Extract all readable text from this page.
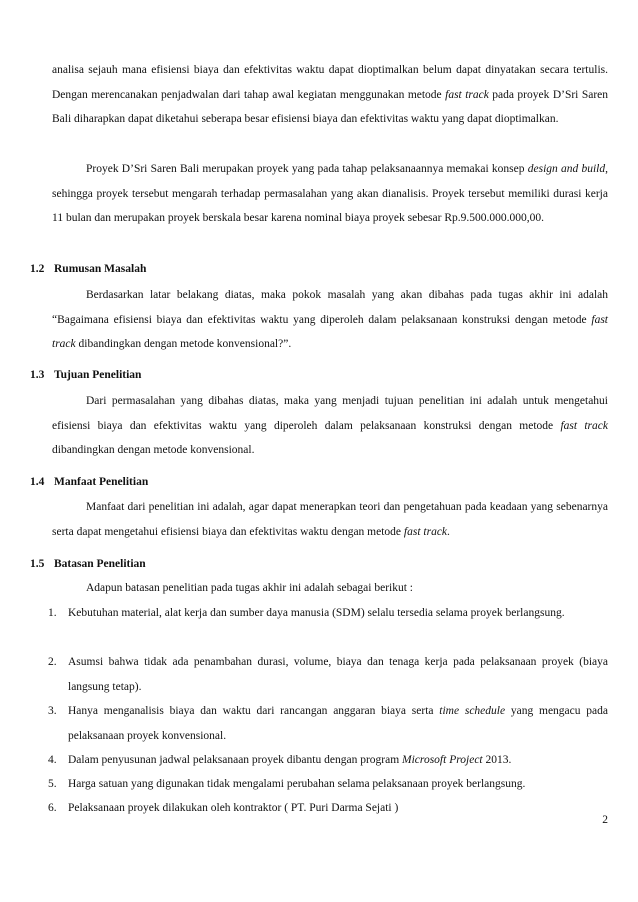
analisa sejauh mana efisiensi biaya dan efektivitas waktu dapat dioptimalkan belum dapat dinyatakan secara tertulis. Dengan merencanakan penjadwalan dari tahap awal kegiatan menggunakan metode fast track pada proyek D’Sri Saren Bali diharapkan dapat diketahui seberapa besar efisiensi biaya dan efektivitas waktu yang dapat dioptimalkan.

Proyek D’Sri Saren Bali merupakan proyek yang pada tahap pelaksanaannya memakai konsep design and build, sehingga proyek tersebut mengarah terhadap permasalahan yang akan dianalisis. Proyek tersebut memiliki durasi kerja 11 bulan dan merupakan proyek berskala besar karena nominal biaya proyek sebesar Rp.9.500.000.000,00.

1.2 Rumusan Masalah

Berdasarkan latar belakang diatas, maka pokok masalah yang akan dibahas pada tugas akhir ini adalah “Bagaimana efisiensi biaya dan efektivitas waktu yang diperoleh dalam pelaksanaan konstruksi dengan metode fast track dibandingkan dengan metode konvensional?”.

1.3 Tujuan Penelitian

Dari permasalahan yang dibahas diatas, maka yang menjadi tujuan penelitian ini adalah untuk mengetahui efisiensi biaya dan efektivitas waktu yang diperoleh dalam pelaksanaan konstruksi dengan metode fast track dibandingkan dengan metode konvensional.

1.4 Manfaat Penelitian

Manfaat dari penelitian ini adalah, agar dapat menerapkan teori dan pengetahuan pada keadaan yang sebenarnya serta dapat mengetahui efisiensi biaya dan efektivitas waktu dengan metode fast track.

1.5 Batasan Penelitian

Adapun batasan penelitian pada tugas akhir ini adalah sebagai berikut :

1. Kebutuhan material, alat kerja dan sumber daya manusia (SDM) selalu tersedia selama proyek berlangsung.
2. Asumsi bahwa tidak ada penambahan durasi, volume, biaya dan tenaga kerja pada pelaksanaan proyek (biaya langsung tetap).
3. Hanya menganalisis biaya dan waktu dari rancangan anggaran biaya serta time schedule yang mengacu pada pelaksanaan proyek konvensional.
4. Dalam penyusunan jadwal pelaksanaan proyek dibantu dengan program Microsoft Project 2013.
5. Harga satuan yang digunakan tidak mengalami perubahan selama pelaksanaan proyek berlangsung.
6. Pelaksanaan proyek dilakukan oleh kontraktor ( PT. Puri Darma Sejati )
2
